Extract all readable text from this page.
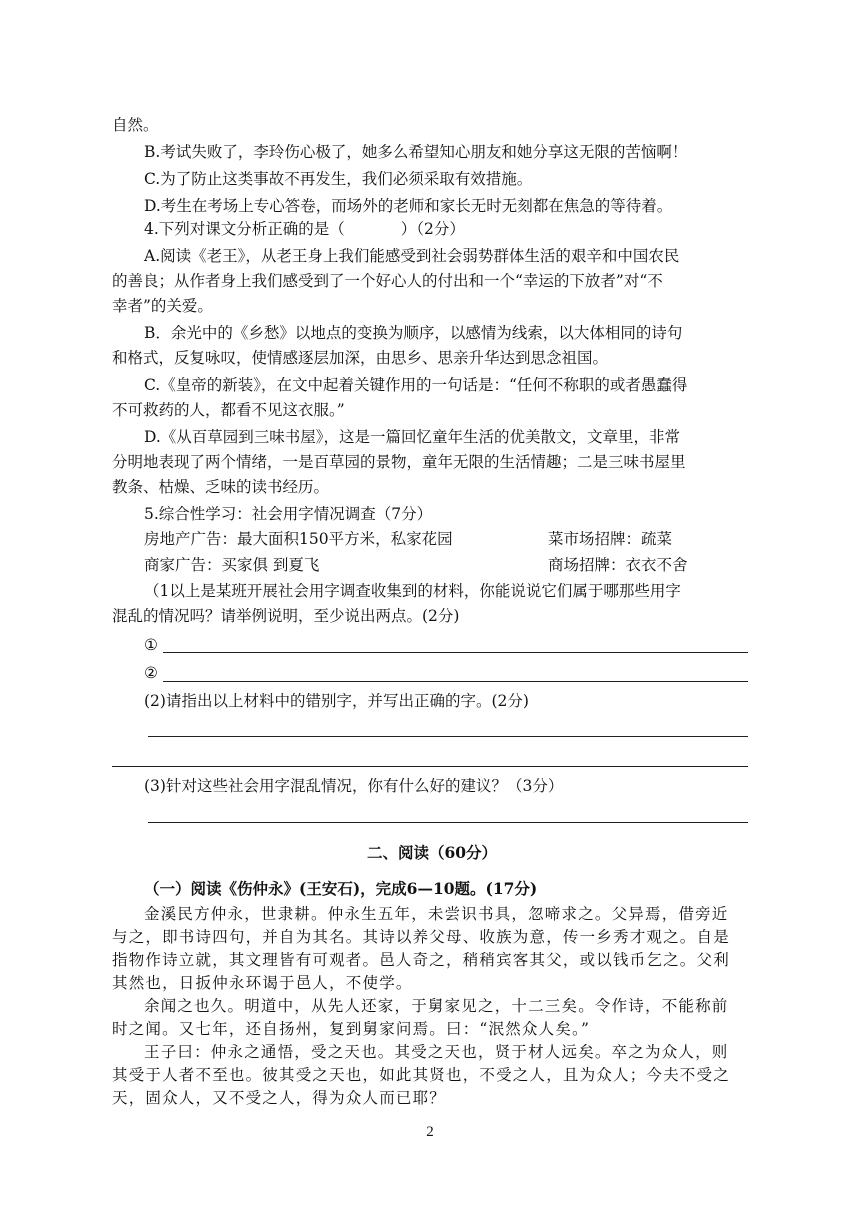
自然。
B.考试失败了，李玲伤心极了，她多么希望知心朋友和她分享这无限的苦恼啊！
C.为了防止这类事故不再发生，我们必须采取有效措施。
D.考生在考场上专心答卷，而场外的老师和家长无时无刻都在焦急的等待着。
4.下列对课文分析正确的是（	）（2分）
A.阅读《老王》，从老王身上我们能感受到社会弱势群体生活的艰辛和中国农民
的善良；从作者身上我们感受到了一个好心人的付出和一个“幸运的下放者”对“不
幸者”的关爱。
B．余光中的《乡愁》以地点的变换为顺序，以感情为线索，以大体相同的诗句
和格式，反复咏叹，使情感逐层加深，由思乡、思亲升华达到思念祖国。
C.《皇帝的新装》，在文中起着关键作用的一句话是：“任何不称职的或者愚蠢得
不可救药的人，都看不见这衣服。”
D.《从百草园到三味书屋》，这是一篇回忆童年生活的优美散文，文章里，非常
分明地表现了两个情绪，一是百草园的景物，童年无限的生活情趣；二是三味书屋里
教条、枯燥、乏味的读书经历。
5.综合性学习：社会用字情况调查（7分）
房地产广告：最大面积150平方米，私家花园	菜市场招牌：疏菜
商家广告：买家俱 到夏飞	商场招牌：衣衣不舍
（1以上是某班开展社会用字调查收集到的材料，你能说说它们属于哪那些用字
混乱的情况吗？请举例说明，至少说出两点。(2分)
①
②
(2)请指出以上材料中的错别字，并写出正确的字。(2分)
(3)针对这些社会用字混乱情况，你有什么好的建议？（3分）
二、阅读（60分）
（一）阅读《伤仲永》(王安石)，完成6—10题。(17分)
金溪民方仲永，世隶耕。仲永生五年，未尝识书具，忽啼求之。父异焉，借旁近
与之，即书诗四句，并自为其名。其诗以养父母、收族为意，传一乡秀才观之。自是
指物作诗立就，其文理皆有可观者。邑人奇之，稍稍宾客其父，或以钱币乞之。父利
其然也，日扳仲永环谒于邑人，不使学。
余闻之也久。明道中，从先人还家，于舅家见之，十二三矣。令作诗，不能称前
时之闻。又七年，还自扬州，复到舅家问焉。曰：“泯然众人矣。”
王子曰：仲永之通悟，受之天也。其受之天也，贤于材人远矣。卒之为众人，则
其受于人者不至也。彼其受之天也，如此其贤也，不受之人，且为众人；今夫不受之
天，固众人，又不受之人，得为众人而已耶？
2
